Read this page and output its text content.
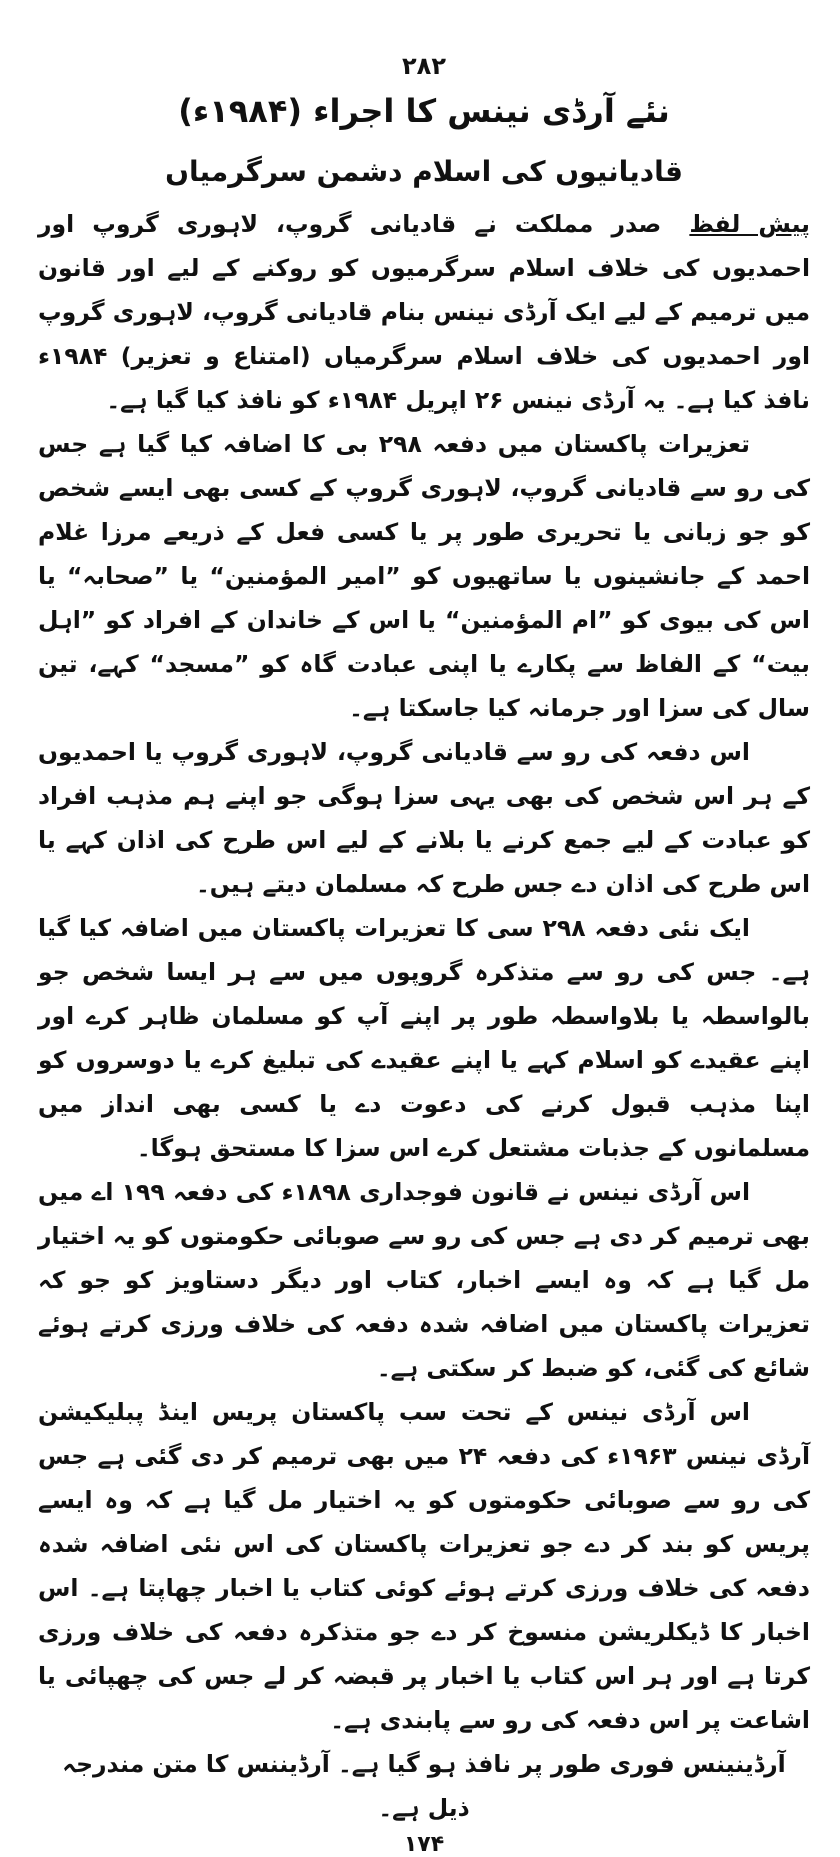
۲۸۲
نئے آرڈی نینس کا اجراء (۱۹۸۴ء)
قادیانیوں کی اسلام دشمن سرگرمیاں

پیش لفظ صدر مملکت نے قادیانی گروپ، لاہوری گروپ اور احمدیوں کی خلاف اسلام سرگرمیوں کو روکنے کے لیے اور قانون میں ترمیم کے لیے ایک آرڈی نینس بنام قادیانی گروپ، لاہوری گروپ اور احمدیوں کی خلاف اسلام سرگرمیاں (امتناع و تعزیر) ۱۹۸۴ء نافذ کیا ہے۔ یہ آرڈی نینس ۲۶ اپریل ۱۹۸۴ء کو نافذ کیا گیا ہے۔

تعزیرات پاکستان میں دفعہ ۲۹۸ بی کا اضافہ کیا گیا ہے جس کی رو سے قادیانی گروپ، لاہوری گروپ کے کسی بھی ایسے شخص کو جو زبانی یا تحریری طور پر یا کسی فعل کے ذریعے مرزا غلام احمد کے جانشینوں یا ساتھیوں کو ”امیر المؤمنین“ یا ”صحابہ“ یا اس کی بیوی کو ”ام المؤمنین“ یا اس کے خاندان کے افراد کو ”اہل بیت“ کے الفاظ سے پکارے یا اپنی عبادت گاہ کو ”مسجد“ کہے، تین سال کی سزا اور جرمانہ کیا جاسکتا ہے۔

اس دفعہ کی رو سے قادیانی گروپ، لاہوری گروپ یا احمدیوں کے ہر اس شخص کی بھی یہی سزا ہوگی جو اپنے ہم مذہب افراد کو عبادت کے لیے جمع کرنے یا بلانے کے لیے اس طرح کی اذان کہے یا اس طرح کی اذان دے جس طرح کہ مسلمان دیتے ہیں۔

ایک نئی دفعہ ۲۹۸ سی کا تعزیرات پاکستان میں اضافہ کیا گیا ہے۔ جس کی رو سے متذکرہ گروپوں میں سے ہر ایسا شخص جو بالواسطہ یا بلاواسطہ طور پر اپنے آپ کو مسلمان ظاہر کرے اور اپنے عقیدے کو اسلام کہے یا اپنے عقیدے کی تبلیغ کرے یا دوسروں کو اپنا مذہب قبول کرنے کی دعوت دے یا کسی بھی انداز میں مسلمانوں کے جذبات مشتعل کرے اس سزا کا مستحق ہوگا۔

اس آرڈی نینس نے قانون فوجداری ۱۸۹۸ء کی دفعہ ۱۹۹ اے میں بھی ترمیم کر دی ہے جس کی رو سے صوبائی حکومتوں کو یہ اختیار مل گیا ہے کہ وہ ایسے اخبار، کتاب اور دیگر دستاویز کو جو کہ تعزیرات پاکستان میں اضافہ شدہ دفعہ کی خلاف ورزی کرتے ہوئے شائع کی گئی، کو ضبط کر سکتی ہے۔

اس آرڈی نینس کے تحت سب پاکستان پریس اینڈ پبلیکیشن آرڈی نینس ۱۹۶۳ء کی دفعہ ۲۴ میں بھی ترمیم کر دی گئی ہے جس کی رو سے صوبائی حکومتوں کو یہ اختیار مل گیا ہے کہ وہ ایسے پریس کو بند کر دے جو تعزیرات پاکستان کی اس نئی اضافہ شدہ دفعہ کی خلاف ورزی کرتے ہوئے کوئی کتاب یا اخبار چھاپتا ہے۔ اس اخبار کا ڈیکلریشن منسوخ کر دے جو متذکرہ دفعہ کی خلاف ورزی کرتا ہے اور ہر اس کتاب یا اخبار پر قبضہ کر لے جس کی چھپائی یا اشاعت پر اس دفعہ کی رو سے پابندی ہے۔

آرڈینینس فوری طور پر نافذ ہو گیا ہے۔ آرڈیننس کا متن مندرجہ ذیل ہے۔

۱۷۴
